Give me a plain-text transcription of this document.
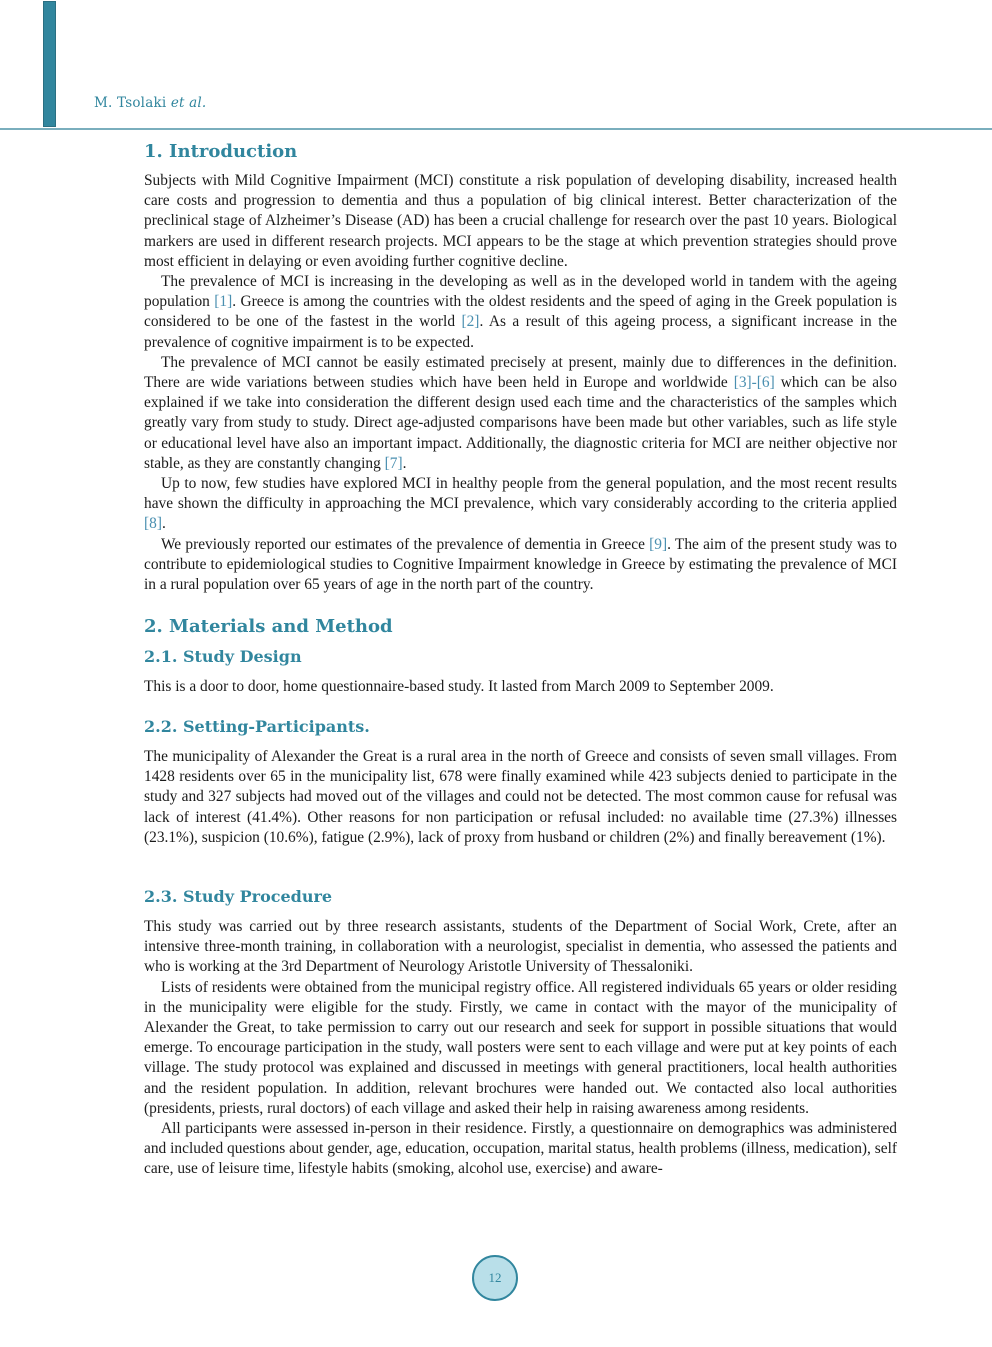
M. Tsolaki et al.
1. Introduction

Subjects with Mild Cognitive Impairment (MCI) constitute a risk population of developing disability, increased health care costs and progression to dementia and thus a population of big clinical interest. Better characterization of the preclinical stage of Alzheimer’s Disease (AD) has been a crucial challenge for research over the past 10 years. Biological markers are used in different research projects. MCI appears to be the stage at which prevention strategies should prove most efficient in delaying or even avoiding further cognitive decline.

The prevalence of MCI is increasing in the developing as well as in the developed world in tandem with the ageing population [1]. Greece is among the countries with the oldest residents and the speed of aging in the Greek population is considered to be one of the fastest in the world [2]. As a result of this ageing process, a significant increase in the prevalence of cognitive impairment is to be expected.

The prevalence of MCI cannot be easily estimated precisely at present, mainly due to differences in the definition. There are wide variations between studies which have been held in Europe and worldwide [3]-[6] which can be also explained if we take into consideration the different design used each time and the characteristics of the samples which greatly vary from study to study. Direct age-adjusted comparisons have been made but other variables, such as life style or educational level have also an important impact. Additionally, the diagnostic criteria for MCI are neither objective nor stable, as they are constantly changing [7].

Up to now, few studies have explored MCI in healthy people from the general population, and the most recent results have shown the difficulty in approaching the MCI prevalence, which vary considerably according to the criteria applied [8].

We previously reported our estimates of the prevalence of dementia in Greece [9]. The aim of the present study was to contribute to epidemiological studies to Cognitive Impairment knowledge in Greece by estimating the prevalence of MCI in a rural population over 65 years of age in the north part of the country.

2. Materials and Method
2.1. Study Design

This is a door to door, home questionnaire-based study. It lasted from March 2009 to September 2009.

2.2. Setting-Participants.

The municipality of Alexander the Great is a rural area in the north of Greece and consists of seven small villages. From 1428 residents over 65 in the municipality list, 678 were finally examined while 423 subjects denied to participate in the study and 327 subjects had moved out of the villages and could not be detected. The most common cause for refusal was lack of interest (41.4%). Other reasons for non participation or refusal included: no available time (27.3%) illnesses (23.1%), suspicion (10.6%), fatigue (2.9%), lack of proxy from husband or children (2%) and finally bereavement (1%).

2.3. Study Procedure

This study was carried out by three research assistants, students of the Department of Social Work, Crete, after an intensive three-month training, in collaboration with a neurologist, specialist in dementia, who assessed the patients and who is working at the 3rd Department of Neurology Aristotle University of Thessaloniki.

Lists of residents were obtained from the municipal registry office. All registered individuals 65 years or older residing in the municipality were eligible for the study. Firstly, we came in contact with the mayor of the municipality of Alexander the Great, to take permission to carry out our research and seek for support in possible situations that would emerge. To encourage participation in the study, wall posters were sent to each village and were put at key points of each village. The study protocol was explained and discussed in meetings with general practitioners, local health authorities and the resident population. In addition, relevant brochures were handed out. We contacted also local authorities (presidents, priests, rural doctors) of each village and asked their help in raising awareness among residents.

All participants were assessed in-person in their residence. Firstly, a questionnaire on demographics was administered and included questions about gender, age, education, occupation, marital status, health problems (illness, medication), self care, use of leisure time, lifestyle habits (smoking, alcohol use, exercise) and aware-

12
